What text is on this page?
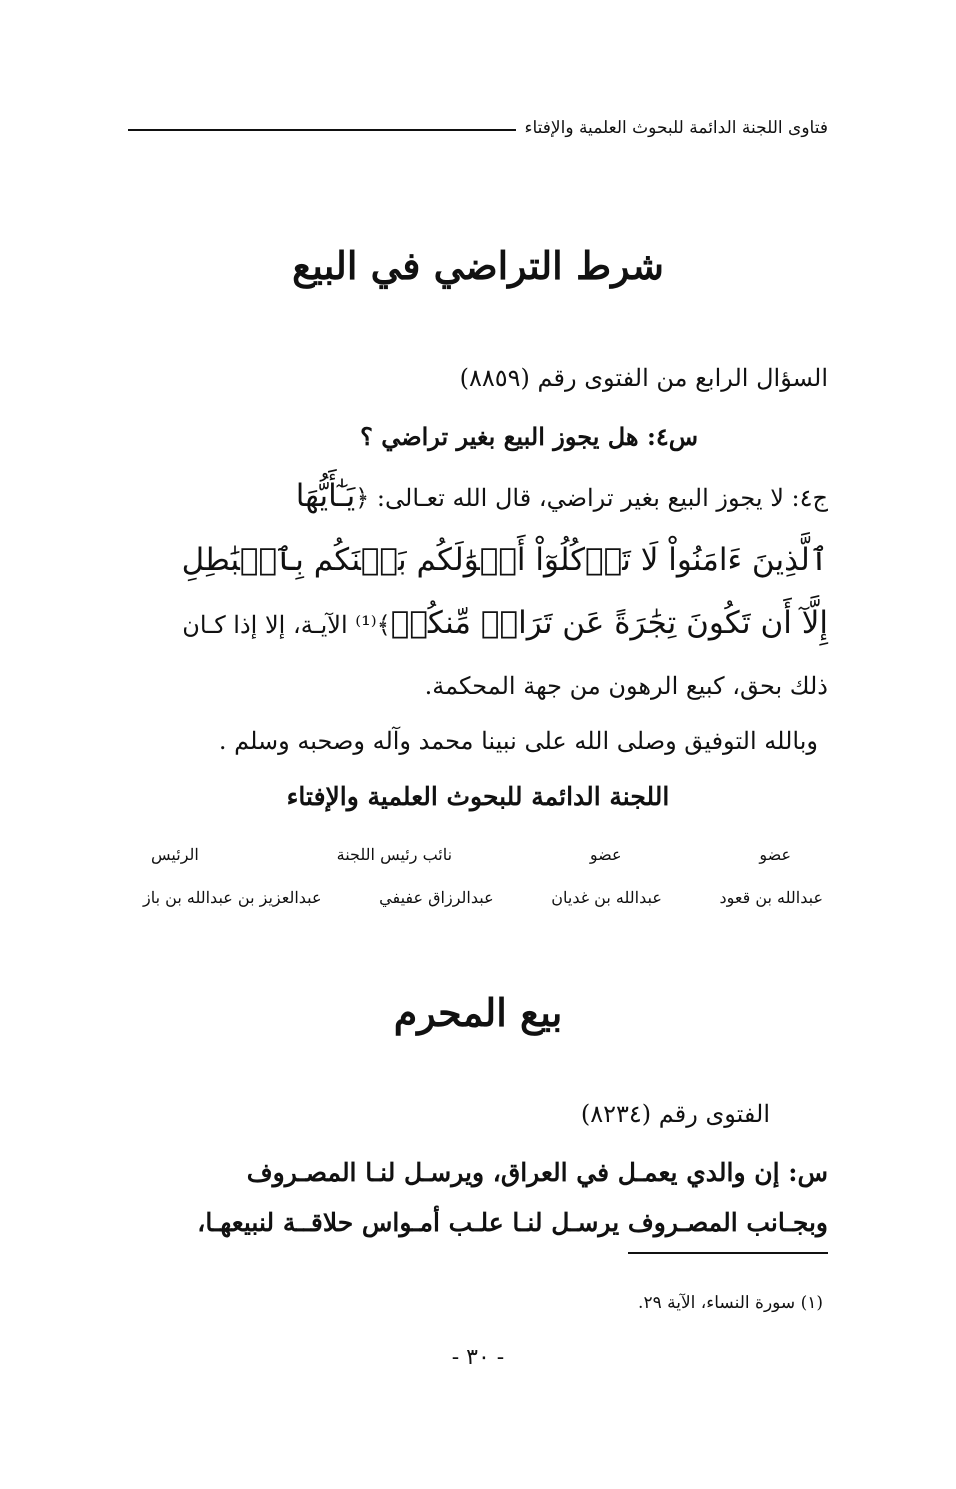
فتاوى اللجنة الدائمة للبحوث العلمية والإفتاء
شرط التراضي في البيع
السؤال الرابع من الفتوى رقم (٨٨٥٩)
س٤: هل يجوز البيع بغير تراضي ؟
ج٤: لا يجوز البيع بغير تراضي، قال الله تعـالى: ﴿يَـٰٓأَيُّهَا
ٱلَّذِينَ ءَامَنُواْ لَا تَأۡكُلُوٓاْ أَمۡوَٰلَكُم بَيۡنَكُم بِٱلۡبَٰطِلِ
إِلَّآ أَن تَكُونَ تِجَٰرَةً عَن تَرَاضٖ مِّنكُمۡ﴾⁽¹⁾ الآيـة، إلا إذا كـان
ذلك بحق، كبيع الرهون من جهة المحكمة.
وبالله التوفيق وصلى الله على نبينا محمد وآله وصحبه وسلم .
اللجنة الدائمة للبحوث العلمية والإفتاء
عضو
عضو
نائب رئيس اللجنة
الرئيس
عبدالله بن قعود
عبدالله بن غديان
عبدالرزاق عفيفي
عبدالعزيز بن عبدالله بن باز
بيع المحرم
الفتوى رقم (٨٢٣٤)
س: إن والدي يعمـل في العراق، ويرسـل لنـا المصـروف
وبجـانب المصـروف يرسـل لنـا علـب أمـواس حلاقــة لنبيعهـا،
(١) سورة النساء، الآية ٢٩.
- ٣٠ -
